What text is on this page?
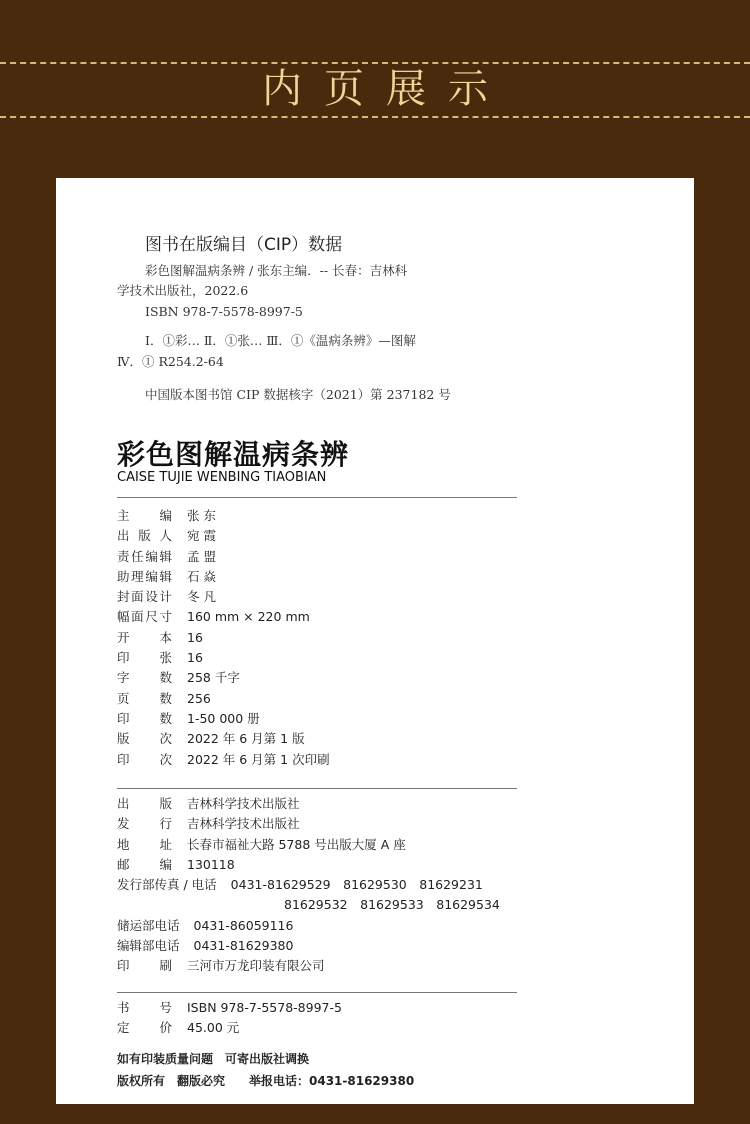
内页展示
图书在版编目（CIP）数据
彩色图解温病条辨 / 张东主编．-- 长春：吉林科
学技术出版社，2022.6
ISBN 978-7-5578-8997-5
Ⅰ．①彩… Ⅱ．①张… Ⅲ．①《温病条辨》—图解
Ⅳ．① R254.2-64
中国版本图书馆 CIP 数据核字（2021）第 237182 号
彩色图解温病条辨
CAISE TUJIE WENBING TIAOBIAN
主编 张 东
出版人 宛 霞
责任编辑 孟 盟
助理编辑 石 焱
封面设计 冬 凡
幅面尺寸 160 mm × 220 mm
开本 16
印张 16
字数 258 千字
页数 256
印数 1-50 000 册
版次 2022 年 6 月第 1 版
印次 2022 年 6 月第 1 次印刷
出版 吉林科学技术出版社
发行 吉林科学技术出版社
地址 长春市福祉大路 5788 号出版大厦 A 座
邮编 130118
发行部传真 / 电话 0431-81629529　81629530　81629231
81629532　81629533　81629534
储运部电话 0431-86059116
编辑部电话 0431-81629380
印刷 三河市万龙印装有限公司
书号 ISBN 978-7-5578-8997-5
定价 45.00 元
如有印装质量问题　可寄出版社调换
版权所有　翻版必究　　举报电话：0431-81629380
